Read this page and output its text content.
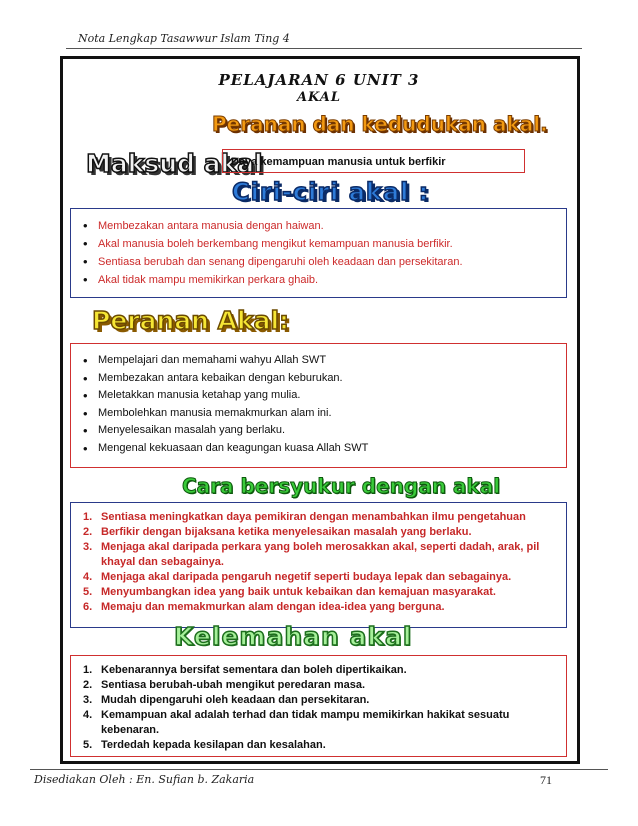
Nota Lengkap Tasawwur Islam Ting 4
PELAJARAN 6 UNIT 3
AKAL
Peranan dan kedudukan akal.
Maksud akal
Daya kemampuan manusia untuk berfikir
Ciri-ciri akal :
• Membezakan antara manusia dengan haiwan.
• Akal manusia boleh berkembang mengikut kemampuan manusia berfikir.
• Sentiasa berubah dan senang dipengaruhi oleh keadaan dan persekitaran.
• Akal tidak mampu memikirkan perkara ghaib.
Peranan Akal:
• Mempelajari dan memahami wahyu Allah SWT
• Membezakan antara kebaikan dengan keburukan.
• Meletakkan manusia ketahap yang mulia.
• Membolehkan manusia memakmurkan alam ini.
• Menyelesaikan masalah yang berlaku.
• Mengenal kekuasaan dan keagungan kuasa Allah SWT
Cara bersyukur dengan akal
1. Sentiasa meningkatkan daya pemikiran dengan menambahkan ilmu pengetahuan
2. Berfikir dengan bijaksana ketika menyelesaikan masalah yang berlaku.
3. Menjaga akal daripada perkara yang boleh merosakkan akal, seperti dadah, arak, pil khayal dan sebagainya.
4. Menjaga akal daripada pengaruh negetif seperti budaya lepak dan sebagainya.
5. Menyumbangkan idea yang baik untuk kebaikan dan kemajuan masyarakat.
6. Memaju dan memakmurkan alam dengan idea-idea yang berguna.
Kelemahan akal
1. Kebenarannya bersifat sementara dan boleh dipertikaikan.
2. Sentiasa berubah-ubah mengikut peredaran masa.
3. Mudah dipengaruhi oleh keadaan dan persekitaran.
4. Kemampuan akal adalah terhad dan tidak mampu memikirkan hakikat sesuatu kebenaran.
5. Terdedah kepada kesilapan dan kesalahan.
Disediakan Oleh : En. Sufian b. Zakaria	71
